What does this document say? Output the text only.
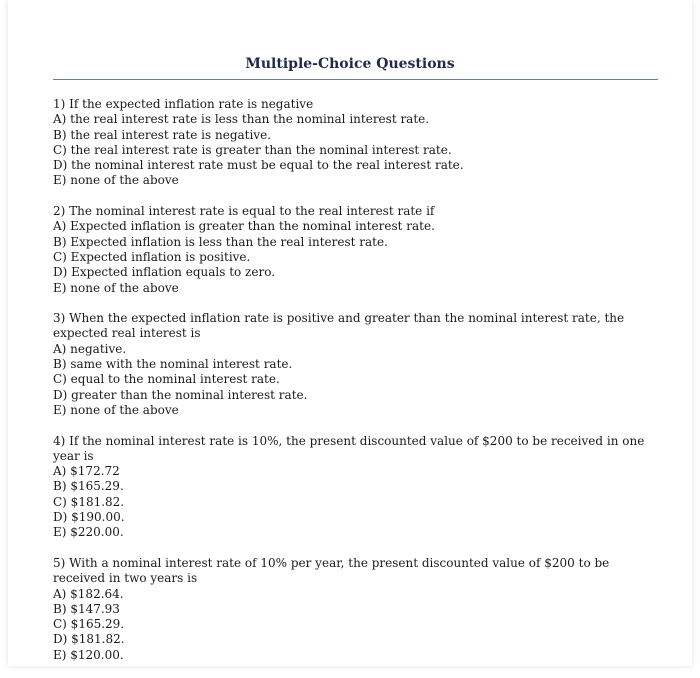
Multiple-Choice Questions
1) If the expected inflation rate is negative
A) the real interest rate is less than the nominal interest rate.
B) the real interest rate is negative.
C) the real interest rate is greater than the nominal interest rate.
D) the nominal interest rate must be equal to the real interest rate.
E) none of the above
2) The nominal interest rate is equal to the real interest rate if
A) Expected inflation is greater than the nominal interest rate.
B) Expected inflation is less than the real interest rate.
C) Expected inflation is positive.
D) Expected inflation equals to zero.
E) none of the above
3) When the expected inflation rate is positive and greater than the nominal interest rate, the expected real interest is
A) negative.
B) same with the nominal interest rate.
C) equal to the nominal interest rate.
D) greater than the nominal interest rate.
E) none of the above
4) If the nominal interest rate is 10%, the present discounted value of $200 to be received in one year is
A) $172.72
B) $165.29.
C) $181.82.
D) $190.00.
E) $220.00.
5) With a nominal interest rate of 10% per year, the present discounted value of $200 to be received in two years is
A) $182.64.
B) $147.93
C) $165.29.
D) $181.82.
E) $120.00.
